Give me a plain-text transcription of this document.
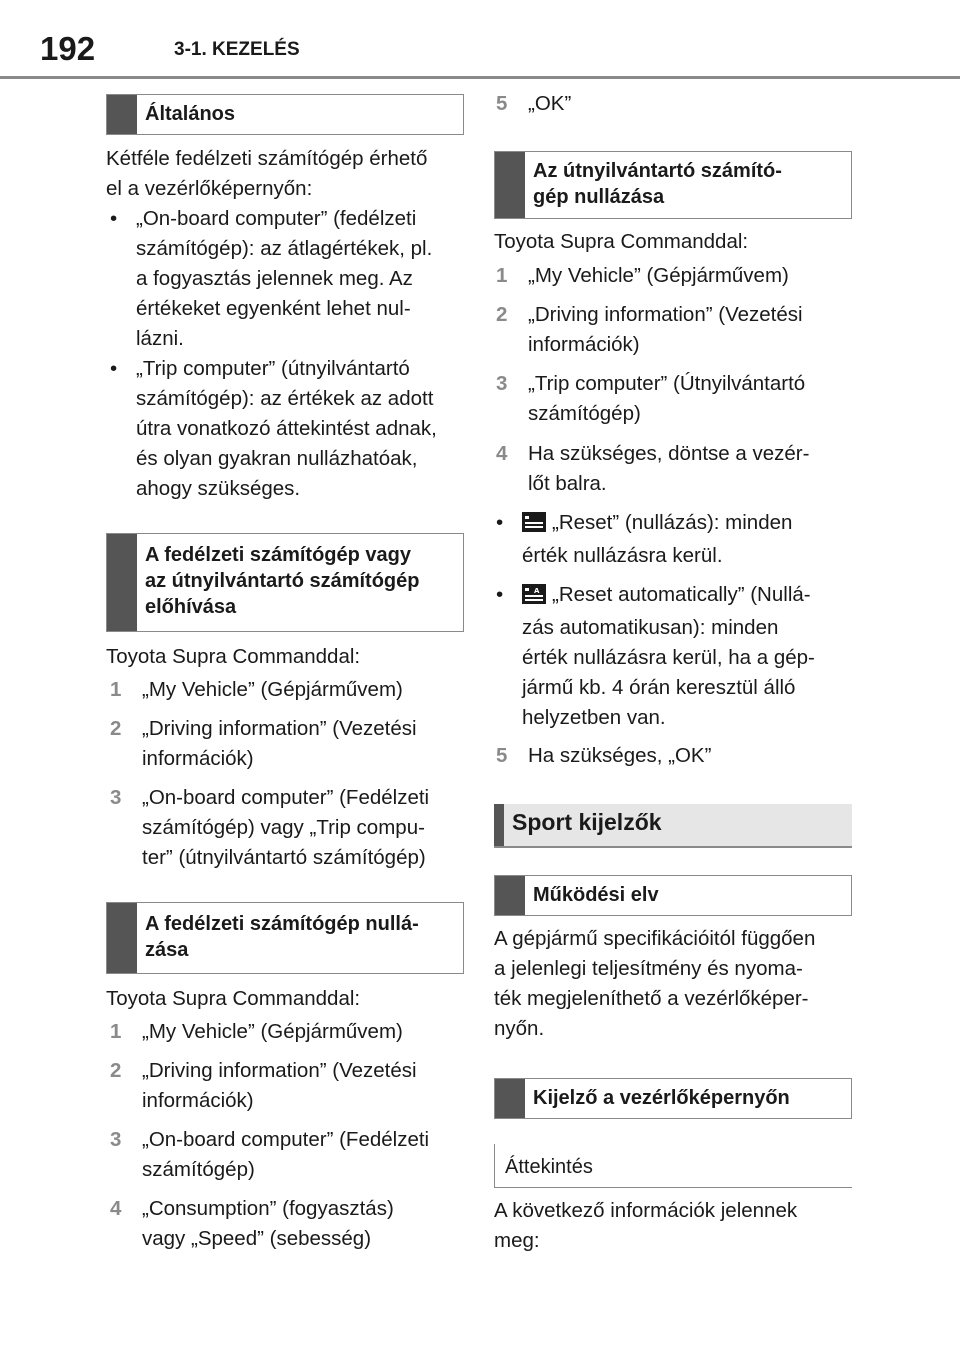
192	3-1. KEZELÉS
Általános
Kétféle fedélzeti számítógép érhető
el a vezérlőképernyőn:
• „On-board computer” (fedélzeti
számítógép): az átlagértékek, pl.
a fogyasztás jelennek meg. Az
értékeket egyenként lehet nul-
lázni.
• „Trip computer” (útnyilvántartó
számítógép): az értékek az adott
útra vonatkozó áttekintést adnak,
és olyan gyakran nullázhatóak,
ahogy szükséges.
A fedélzeti számítógép vagy
az útnyilvántartó számítógép
előhívása
Toyota Supra Commanddal:
1 „My Vehicle” (Gépjárművem)
2 „Driving information” (Vezetési
információk)
3 „On-board computer” (Fedélzeti
számítógép) vagy „Trip compu-
ter” (útnyilvántartó számítógép)
A fedélzeti számítógép nullá-
zása
Toyota Supra Commanddal:
1 „My Vehicle” (Gépjárművem)
2 „Driving information” (Vezetési
információk)
3 „On-board computer” (Fedélzeti
számítógép)
4 „Consumption” (fogyasztás)
vagy „Speed” (sebesség)
5 „OK”
Az útnyilvántartó számító-
gép nullázása
Toyota Supra Commanddal:
1 „My Vehicle” (Gépjárművem)
2 „Driving information” (Vezetési
információk)
3 „Trip computer” (Útnyilvántartó
számítógép)
4 Ha szükséges, döntse a vezér-
lőt balra.
•	„Reset” (nullázás): minden
érték nullázásra kerül.
•	A „Reset automatically” (Nullá-
zás automatikusan): minden
érték nullázásra kerül, ha a gép-
jármű kb. 4 órán keresztül álló
helyzetben van.
5 Ha szükséges, „OK”
Sport kijelzők
Működési elv
A gépjármű specifikációitól függően
a jelenlegi teljesítmény és nyoma-
ték megjeleníthető a vezérlőképer-
nyőn.
Kijelző a vezérlőképernyőn
Áttekintés
A következő információk jelennek
meg:
